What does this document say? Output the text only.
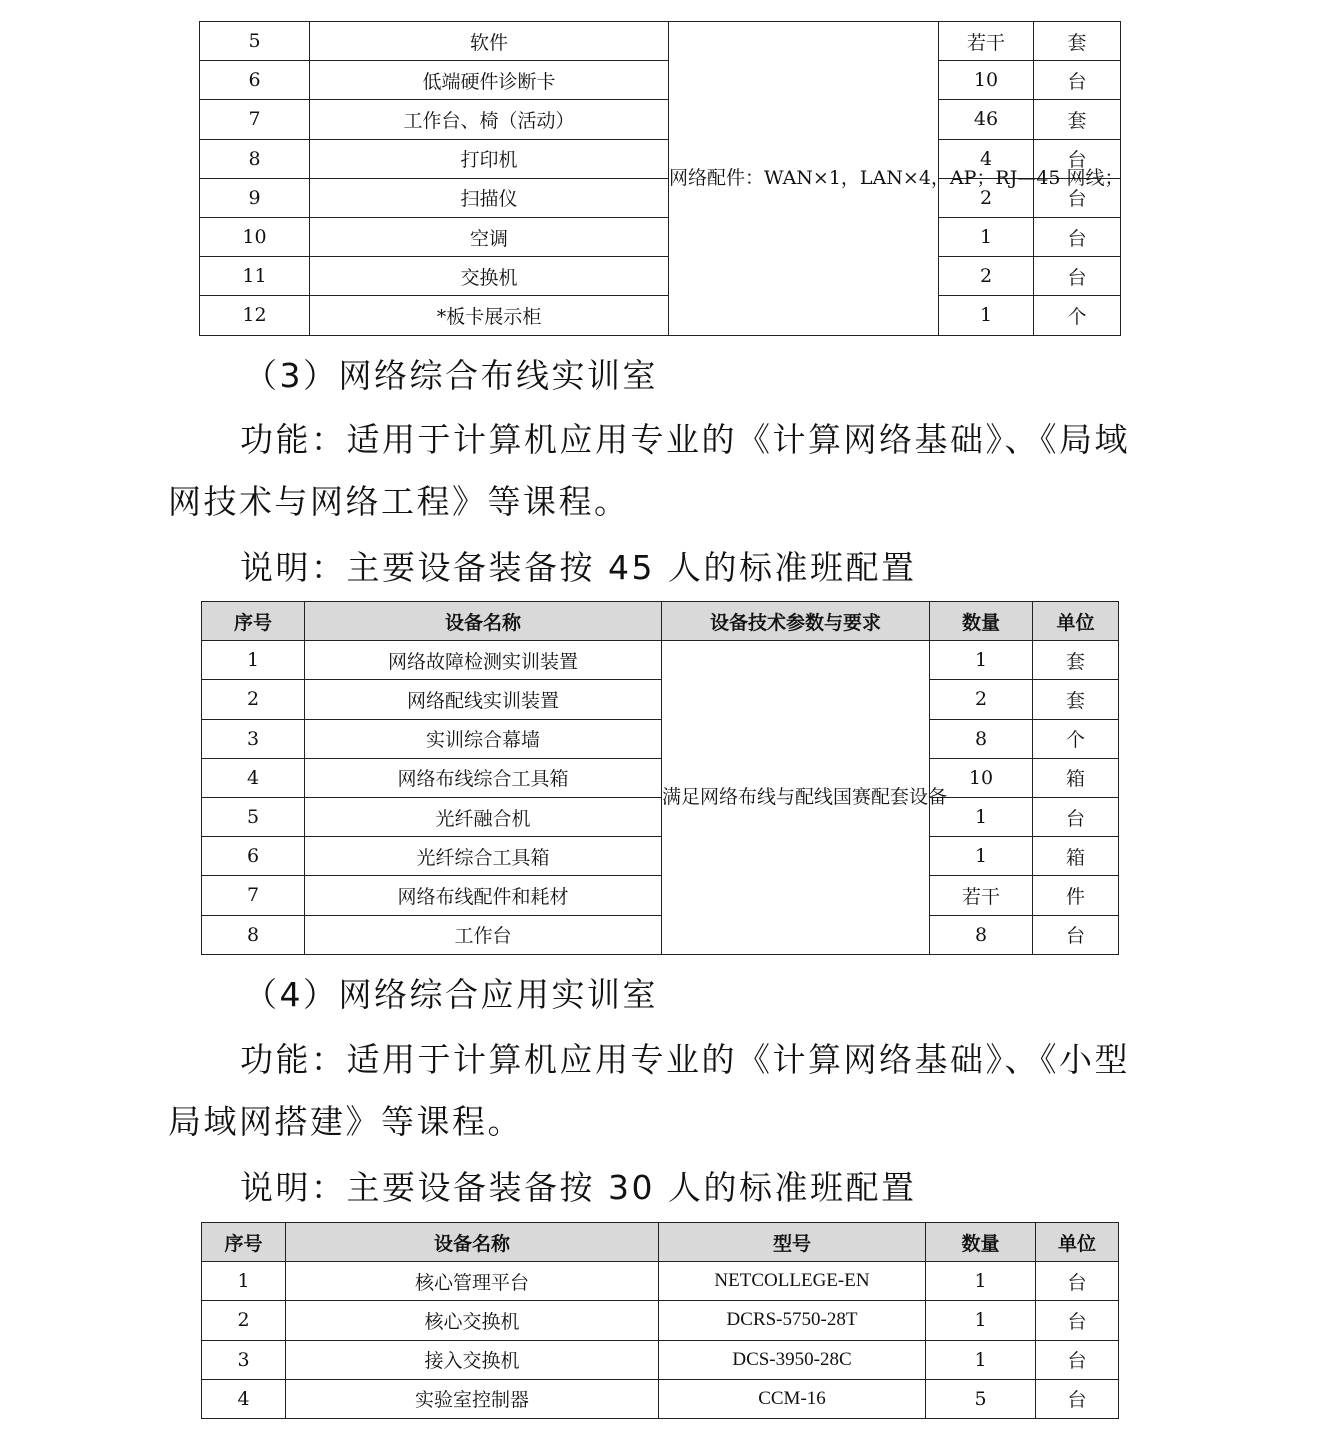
5	软件	网络配件：WAN×1，LAN×4，AP；RJ—45 网线；	若干	套
6	低端硬件诊断卡		10	台
7	工作台、椅（活动）		46	套
8	打印机		4	台
9	扫描仪		2	台
10	空调		1	台
11	交换机		2	台
12	*板卡展示柜		1	个

（3）网络综合布线实训室

功能：适用于计算机应用专业的《计算网络基础》、《局域网技术与网络工程》等课程。

说明：主要设备装备按 45 人的标准班配置

序号	设备名称	设备技术参数与要求	数量	单位
1	网络故障检测实训装置	满足网络布线与配线国赛配套设备	1	套
2	网络配线实训装置		2	套
3	实训综合幕墙		8	个
4	网络布线综合工具箱		10	箱
5	光纤融合机		1	台
6	光纤综合工具箱		1	箱
7	网络布线配件和耗材		若干	件
8	工作台		8	台

（4）网络综合应用实训室

功能：适用于计算机应用专业的《计算网络基础》、《小型局域网搭建》等课程。

说明：主要设备装备按 30 人的标准班配置

序号	设备名称	型号	数量	单位
1	核心管理平台	NETCOLLEGE-EN	1	台
2	核心交换机	DCRS-5750-28T	1	台
3	接入交换机	DCS-3950-28C	1	台
4	实验室控制器	CCM-16	5	台
